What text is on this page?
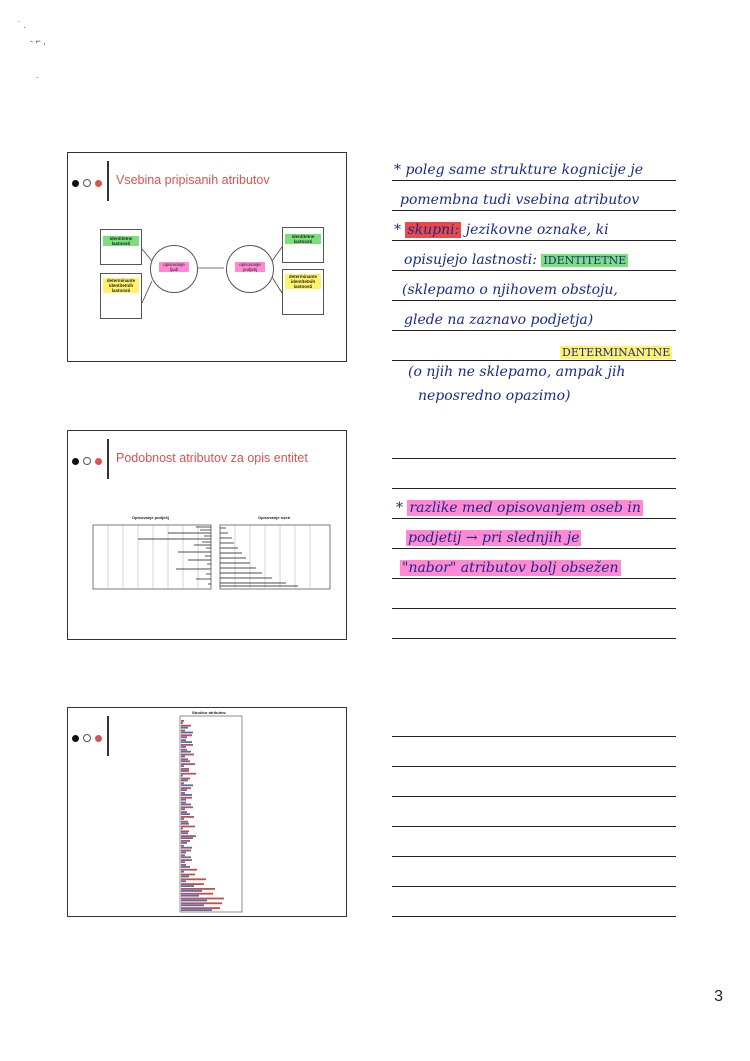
˙ .
- ⌐ ,
.
Vsebina pripisanih atributov
identitetne lastnosti
determinante identitetnih lastnosti
opisovanje ljudi
opisovanje podjetij
identitetne lastnosti
determinante identitetnih lastnosti
Podobnost atributov za opis entitet
Opisovanje podjetij	Opisovanje oseb
Struktur atributov
* poleg same strukture kognicije je
pomembna tudi vsebina atributov
* skupni: jezikovne oznake, ki
opisujejo lastnosti: IDENTITETNE
(sklepamo o njihovem obstoju,
glede na zaznavo podjetja)
DETERMINANTNE
(o njih ne sklepamo, ampak jih
neposredno opazimo)
* razlike med opisovanjem oseb in
podjetij → pri slednjih je
"nabor" atributov bolj obsežen
3
